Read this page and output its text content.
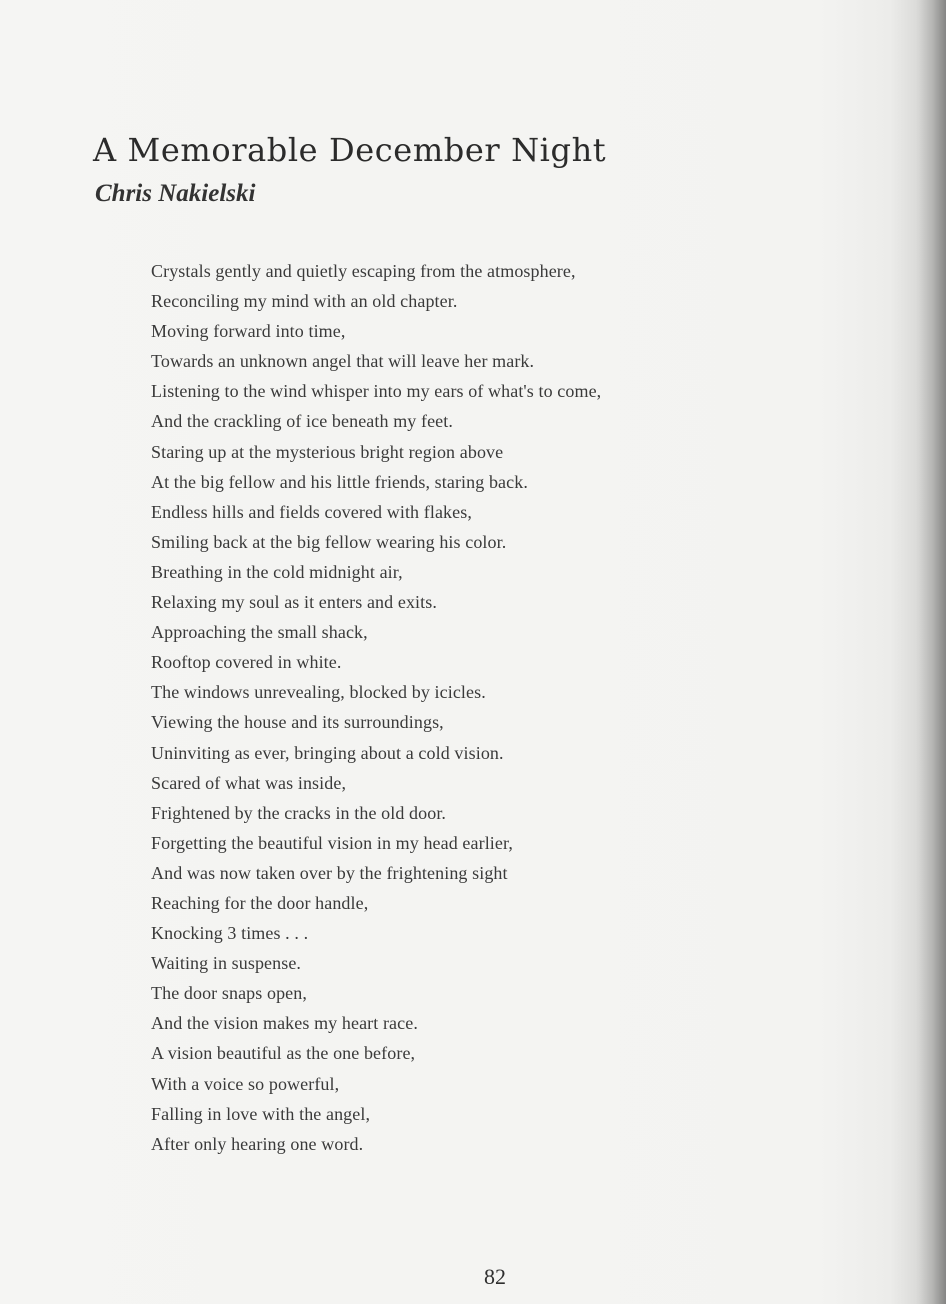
A Memorable December Night
Chris Nakielski
Crystals gently and quietly escaping from the atmosphere,
Reconciling my mind with an old chapter.
Moving forward into time,
Towards an unknown angel that will leave her mark.
Listening to the wind whisper into my ears of what's to come,
And the crackling of ice beneath my feet.
Staring up at the mysterious bright region above
At the big fellow and his little friends, staring back.
Endless hills and fields covered with flakes,
Smiling back at the big fellow wearing his color.
Breathing in the cold midnight air,
Relaxing my soul as it enters and exits.
Approaching the small shack,
Rooftop covered in white.
The windows unrevealing, blocked by icicles.
Viewing the house and its surroundings,
Uninviting as ever, bringing about a cold vision.
Scared of what was inside,
Frightened by the cracks in the old door.
Forgetting the beautiful vision in my head earlier,
And was now taken over by the frightening sight
Reaching for the door handle,
Knocking 3 times . . .
Waiting in suspense.
The door snaps open,
And the vision makes my heart race.
A vision beautiful as the one before,
With a voice so powerful,
Falling in love with the angel,
After only hearing one word.
82
